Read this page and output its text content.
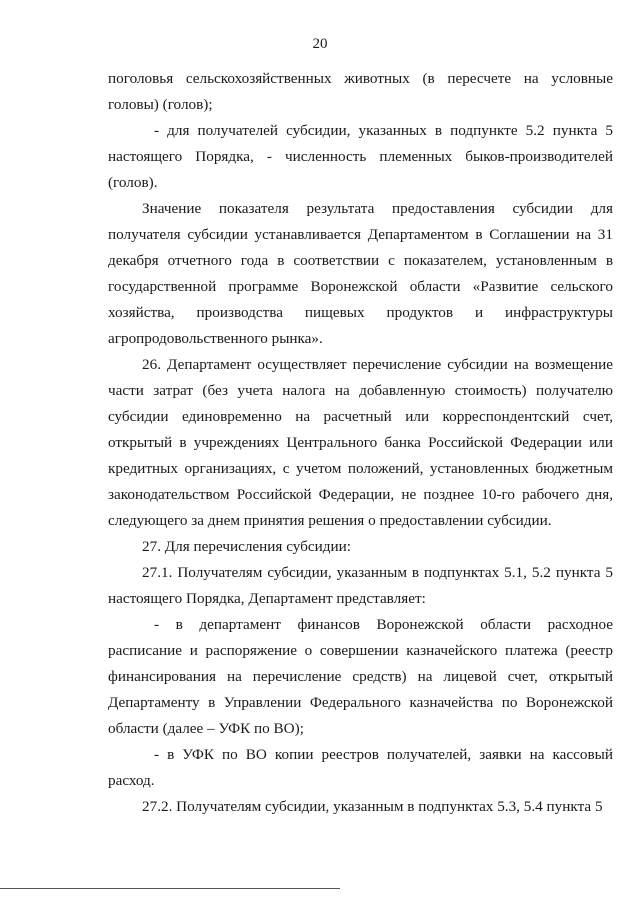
20

поголовья сельскохозяйственных животных (в пересчете на условные головы) (голов);

- для получателей субсидии, указанных в подпункте 5.2 пункта 5 настоящего Порядка, - численность племенных быков-производителей (голов).

Значение показателя результата предоставления субсидии для получателя субсидии устанавливается Департаментом в Соглашении на 31 декабря отчетного года в соответствии с показателем, установленным в государственной программе Воронежской области «Развитие сельского хозяйства, производства пищевых продуктов и инфраструктуры агропродовольственного рынка».

26. Департамент осуществляет перечисление субсидии на возмещение части затрат (без учета налога на добавленную стоимость) получателю субсидии единовременно на расчетный или корреспондентский счет, открытый в учреждениях Центрального банка Российской Федерации или кредитных организациях, с учетом положений, установленных бюджетным законодательством Российской Федерации, не позднее 10-го рабочего дня, следующего за днем принятия решения о предоставлении субсидии.

27. Для перечисления субсидии:

27.1. Получателям субсидии, указанным в подпунктах 5.1, 5.2 пункта 5 настоящего Порядка, Департамент представляет:

- в департамент финансов Воронежской области расходное расписание и распоряжение о совершении казначейского платежа (реестр финансирования на перечисление средств) на лицевой счет, открытый Департаменту в Управлении Федерального казначейства по Воронежской области (далее – УФК по ВО);

- в УФК по ВО копии реестров получателей, заявки на кассовый расход.

27.2. Получателям субсидии, указанным в подпунктах 5.3, 5.4 пункта 5
